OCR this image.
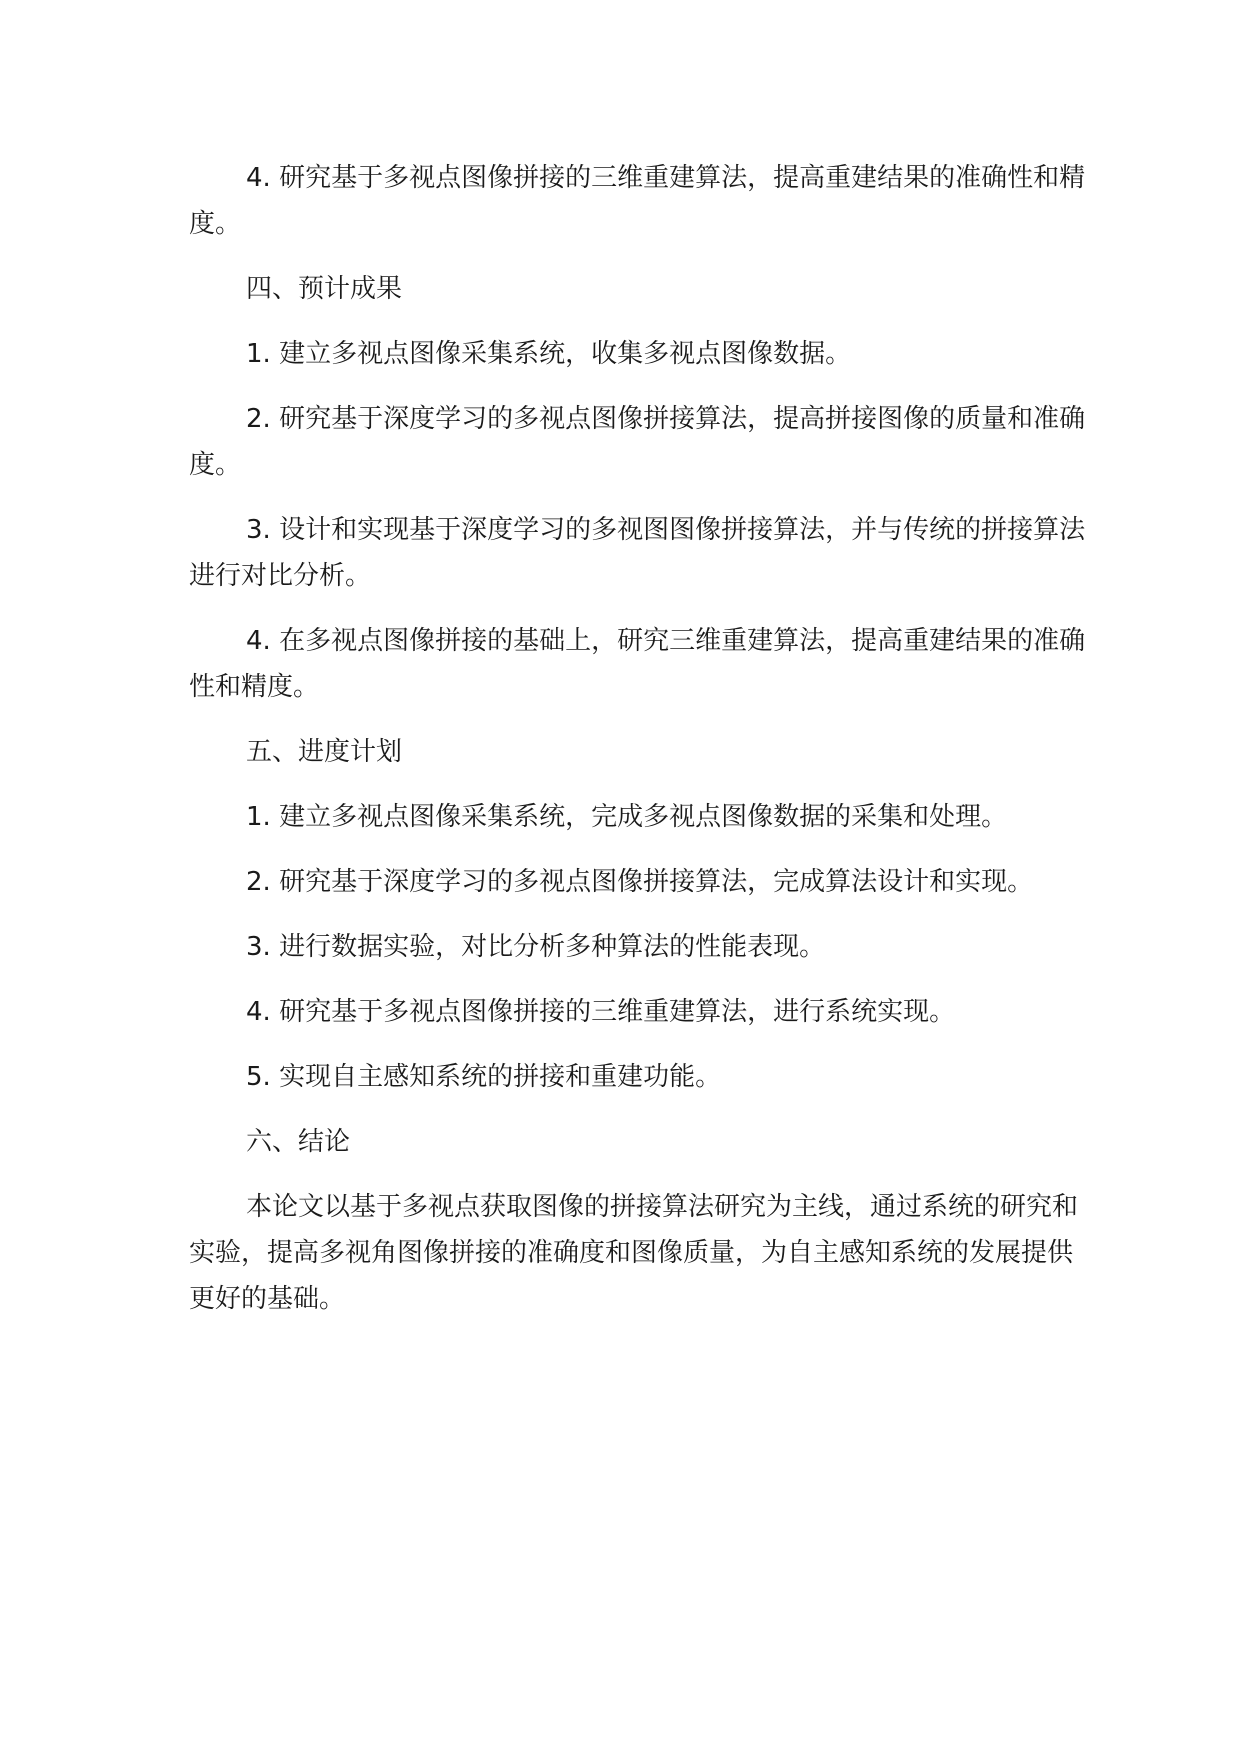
4. 研究基于多视点图像拼接的三维重建算法，提高重建结果的准确性和精度。

四、预计成果

1. 建立多视点图像采集系统，收集多视点图像数据。

2. 研究基于深度学习的多视点图像拼接算法，提高拼接图像的质量和准确度。

3. 设计和实现基于深度学习的多视图图像拼接算法，并与传统的拼接算法进行对比分析。

4. 在多视点图像拼接的基础上，研究三维重建算法，提高重建结果的准确性和精度。

五、进度计划

1. 建立多视点图像采集系统，完成多视点图像数据的采集和处理。

2. 研究基于深度学习的多视点图像拼接算法，完成算法设计和实现。

3. 进行数据实验，对比分析多种算法的性能表现。

4. 研究基于多视点图像拼接的三维重建算法，进行系统实现。

5. 实现自主感知系统的拼接和重建功能。

六、结论

本论文以基于多视点获取图像的拼接算法研究为主线，通过系统的研究和实验，提高多视角图像拼接的准确度和图像质量，为自主感知系统的发展提供更好的基础。
